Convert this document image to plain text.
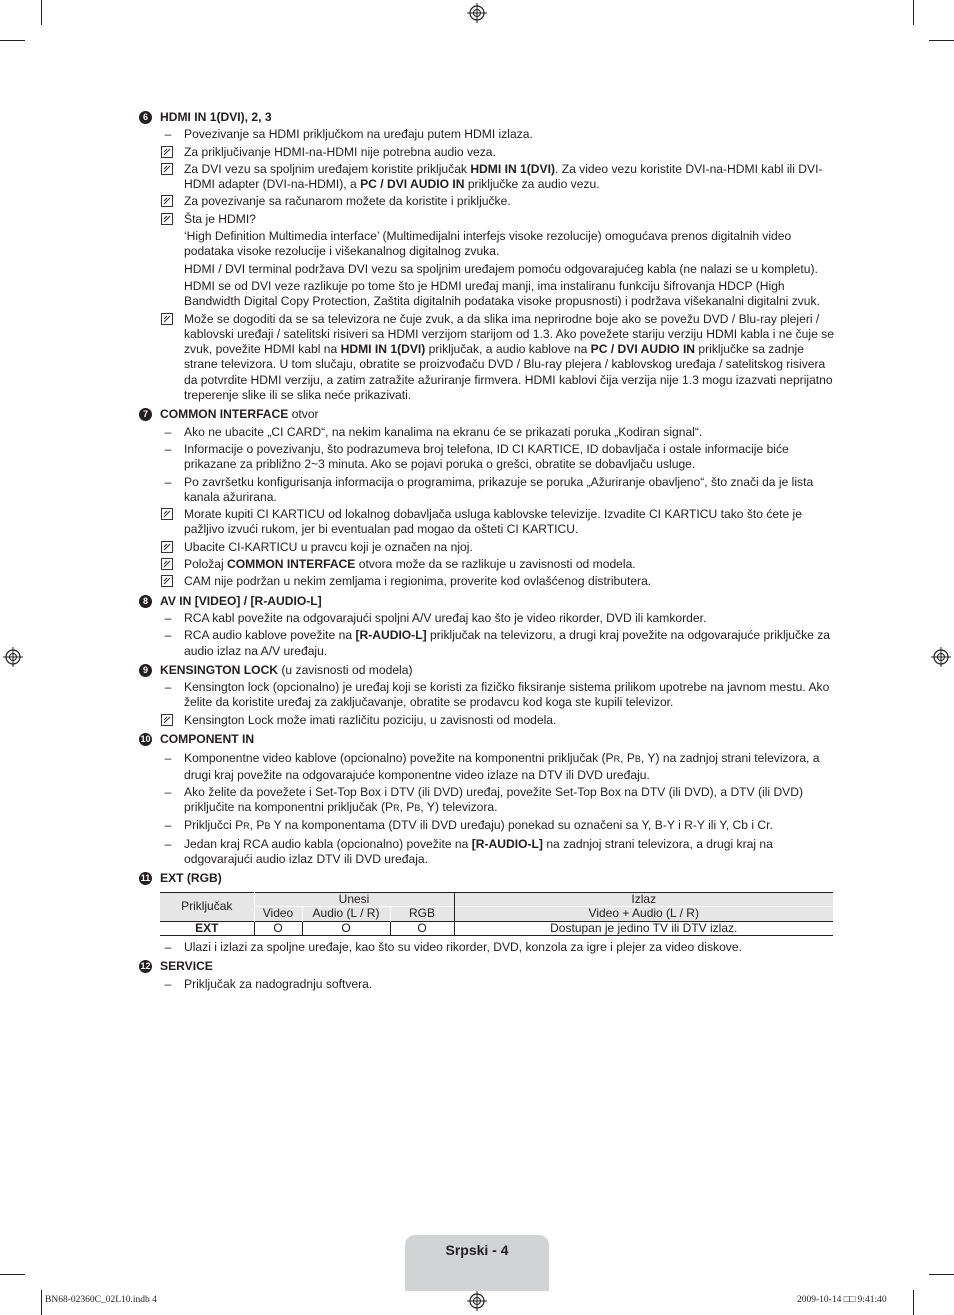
6 HDMI IN 1(DVI), 2, 3
–	Povezivanje sa HDMI priključkom na uređaju putem HDMI izlaza.
Za priključivanje HDMI-na-HDMI nije potrebna audio veza.
Za DVI vezu sa spoljnim uređajem koristite priključak HDMI IN 1(DVI). Za video vezu koristite DVI-na-HDMI kabl ili DVI-HDMI adapter (DVI-na-HDMI), a PC / DVI AUDIO IN priključke za audio vezu.
Za povezivanje sa računarom možete da koristite i priključke.
Šta je HDMI?
‘High Definition Multimedia interface’ (Multimedijalni interfejs visoke rezolucije) omogućava prenos digitalnih video podataka visoke rezolucije i višekanalnog digitalnog zvuka.
HDMI / DVI terminal podržava DVI vezu sa spoljnim uređajem pomoću odgovarajućeg kabla (ne nalazi se u kompletu).
HDMI se od DVI veze razlikuje po tome što je HDMI uređaj manji, ima instaliranu funkciju šifrovanja HDCP (High Bandwidth Digital Copy Protection, Zaštita digitalnih podataka visoke propusnosti) i podržava višekanalni digitalni zvuk.
Može se dogoditi da se sa televizora ne čuje zvuk, a da slika ima neprirodne boje ako se povežu DVD / Blu-ray plejeri / kablovski uređaji / satelitski risiveri sa HDMI verzijom starijom od 1.3. Ako povežete stariju verziju HDMI kabla i ne čuje se zvuk, povežite HDMI kabl na HDMI IN 1(DVI) priključak, a audio kablove na PC / DVI AUDIO IN priključke sa zadnje strane televizora. U tom slučaju, obratite se proizvođaču DVD / Blu-ray plejera / kablovskog uređaja / satelitskog risivera da potvrdite HDMI verziju, a zatim zatražite ažuriranje firmvera. HDMI kablovi čija verzija nije 1.3 mogu izazvati neprijatno treperenje slike ili se slika neće prikazivati.
7 COMMON INTERFACE otvor
–	Ako ne ubacite „CI CARD“, na nekim kanalima na ekranu će se prikazati poruka „Kodiran signal“.
–	Informacije o povezivanju, što podrazumeva broj telefona, ID CI KARTICE, ID dobavljača i ostale informacije biće prikazane za približno 2~3 minuta. Ako se pojavi poruka o grešci, obratite se dobavljaču usluge.
–	Po završetku konfigurisanja informacija o programima, prikazuje se poruka „Ažuriranje obavljeno“, što znači da je lista kanala ažurirana.
Morate kupiti CI KARTICU od lokalnog dobavljača usluga kablovske televizije. Izvadite CI KARTICU tako što ćete je pažljivo izvući rukom, jer bi eventualan pad mogao da ošteti CI KARTICU.
Ubacite CI-KARTICU u pravcu koji je označen na njoj.
Položaj COMMON INTERFACE otvora može da se razlikuje u zavisnosti od modela.
CAM nije podržan u nekim zemljama i regionima, proverite kod ovlašćenog distributera.
8 AV IN [VIDEO] / [R-AUDIO-L]
–	RCA kabl povežite na odgovarajući spoljni A/V uređaj kao što je video rikorder, DVD ili kamkorder.
–	RCA audio kablove povežite na [R-AUDIO-L] priključak na televizoru, a drugi kraj povežite na odgovarajuće priključke za audio izlaz na A/V uređaju.
9 KENSINGTON LOCK (u zavisnosti od modela)
–	Kensington lock (opcionalno) je uređaj koji se koristi za fizičko fiksiranje sistema prilikom upotrebe na javnom mestu. Ako želite da koristite uređaj za zaključavanje, obratite se prodavcu kod koga ste kupili televizor.
Kensington Lock može imati različitu poziciju, u zavisnosti od modela.
10 COMPONENT IN
–	Komponentne video kablove (opcionalno) povežite na komponentni priključak (PR, PB, Y) na zadnjoj strani televizora, a drugi kraj povežite na odgovarajuće komponentne video izlaze na DTV ili DVD uređaju.
–	Ako želite da povežete i Set-Top Box i DTV (ili DVD) uređaj, povežite Set-Top Box na DTV (ili DVD), a DTV (ili DVD) priključite na komponentni priključak (PR, PB, Y) televizora.
–	Priključci PR, PB Y na komponentama (DTV ili DVD uređaju) ponekad su označeni sa Y, B-Y i R-Y ili Y, Cb i Cr.
–	Jedan kraj RCA audio kabla (opcionalno) povežite na [R-AUDIO-L] na zadnjoj strani televizora, a drugi kraj na odgovarajući audio izlaz DTV ili DVD uređaja.
11 EXT (RGB)
Priključak	Unesi			Izlaz
	Video	Audio (L / R)	RGB	Video + Audio (L / R)
EXT	O	O	O	Dostupan je jedino TV ili DTV izlaz.
–	Ulazi i izlazi za spoljne uređaje, kao što su video rikorder, DVD, konzola za igre i plejer za video diskove.
12 SERVICE
–	Priključak za nadogradnju softvera.
Srpski - 4
BN68-02360C_02L10.indb 4	2009-10-14 □□ 9:41:40
